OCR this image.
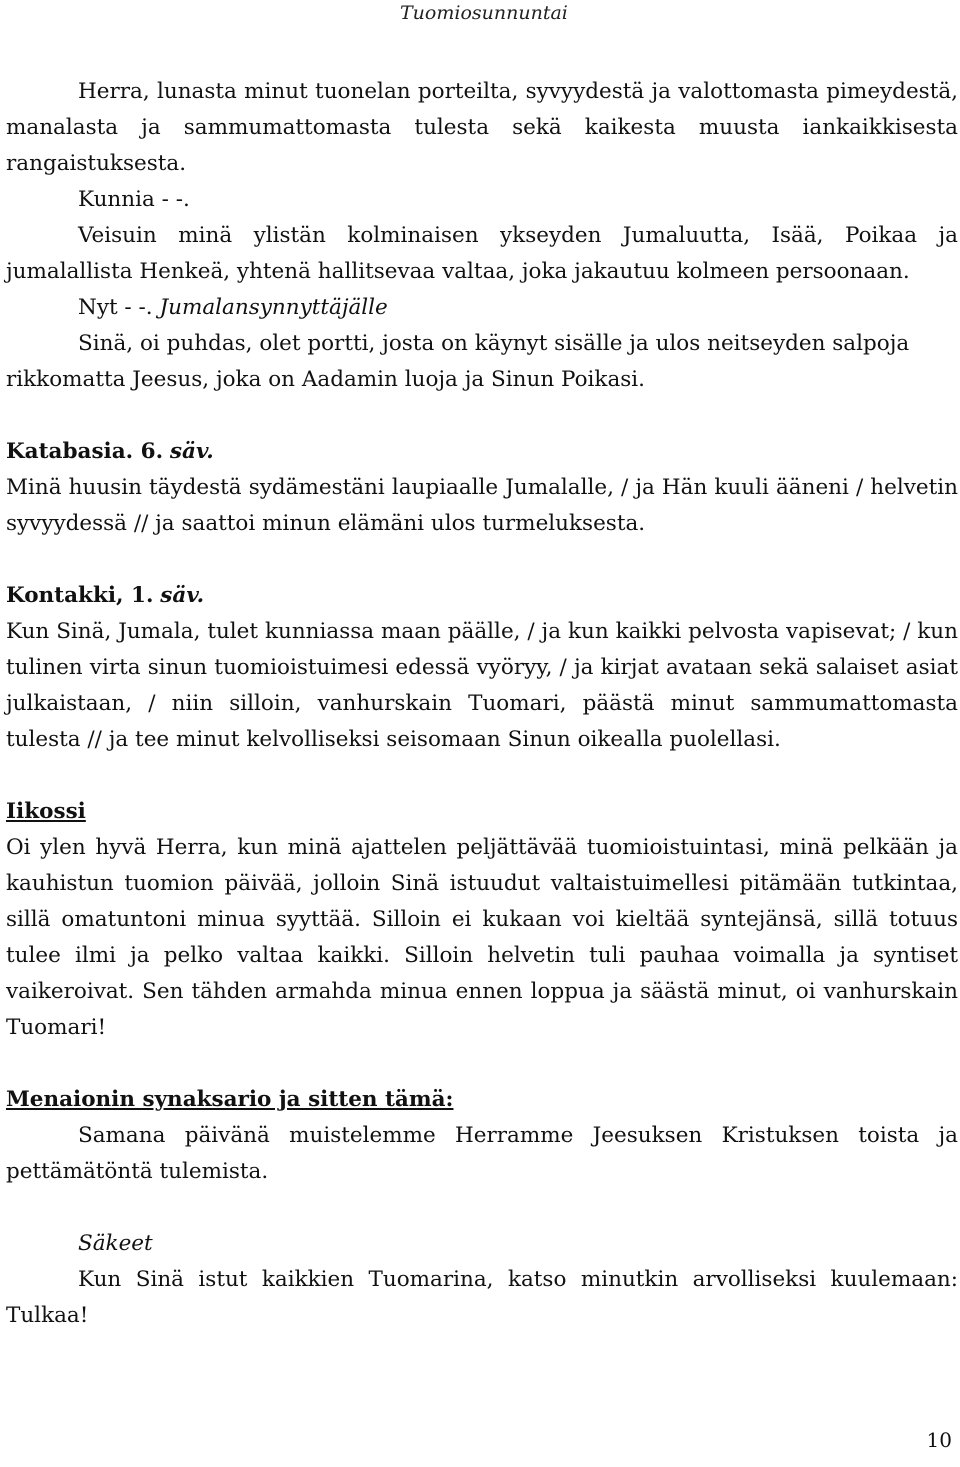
Tuomiosunnuntai

Herra, lunasta minut tuonelan porteilta, syvyydestä ja valottomasta pimeydestä, manalasta ja sammumattomasta tulesta sekä kaikesta muusta iankaikkisesta rangaistuksesta.

Kunnia - -.

Veisuin minä ylistän kolminaisen ykseyden Jumaluutta, Isää, Poikaa ja jumalallista Henkeä, yhtenä hallitsevaa valtaa, joka jakautuu kolmeen persoonaan.

Nyt - -. Jumalansynnyttäjälle

Sinä, oi puhdas, olet portti, josta on käynyt sisälle ja ulos neitseyden salpoja rikkomatta Jeesus, joka on Aadamin luoja ja Sinun Poikasi.

Katabasia. 6. säv.

Minä huusin täydestä sydämestäni laupiaalle Jumalalle, / ja Hän kuuli ääneni / helvetin syvyydessä // ja saattoi minun elämäni ulos turmeluksesta.

Kontakki, 1. säv.

Kun Sinä, Jumala, tulet kunniassa maan päälle, / ja kun kaikki pelvosta vapisevat; / kun tulinen virta sinun tuomioistuimesi edessä vyöryy, / ja kirjat avataan sekä salaiset asiat julkaistaan, / niin silloin, vanhurskain Tuomari, päästä minut sammumattomasta tulesta // ja tee minut kelvolliseksi seisomaan Sinun oikealla puolellasi.

Iikossi

Oi ylen hyvä Herra, kun minä ajattelen peljättävää tuomioistuintasi, minä pelkään ja kauhistun tuomion päivää, jolloin Sinä istuudut valtaistuimellesi pitämään tutkintaa, sillä omatuntoni minua syyttää. Silloin ei kukaan voi kieltää syntejänsä, sillä totuus tulee ilmi ja pelko valtaa kaikki. Silloin helvetin tuli pauhaa voimalla ja syntiset vaikeroivat. Sen tähden armahda minua ennen loppua ja säästä minut, oi vanhurskain Tuomari!

Menaionin synaksario ja sitten tämä:

Samana päivänä muistelemme Herramme Jeesuksen Kristuksen toista ja pettämätöntä tulemista.

Säkeet

Kun Sinä istut kaikkien Tuomarina, katso minutkin arvolliseksi kuulemaan: Tulkaa!

10
